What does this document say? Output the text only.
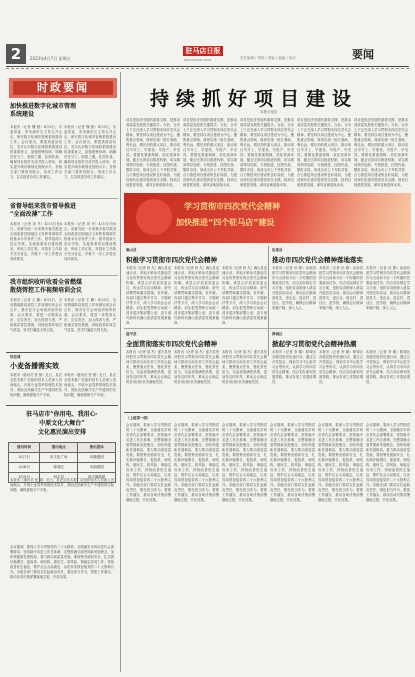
2	2023年4月7日 星期五
驻马店日报
ZHUMADIAN DAILY	责任编辑 / 审校 / 美编 / 邮编 / 电话	要闻
时政要闻
加快推进数字化城市管理
系统建设
本报讯（记者 魏 薇）4月6日，市委常委、常务副市长主持召开会议，研究数字化城市管理系统建设工作。会议指出，要提高政治站位，充分认识数字化城管系统建设的重要意义，加强统筹协调，明确责任分工，倒排工期，挂图作战，确保项目按时完成并投入使用，切实提升城市精细化管理水平。各相关部门要密切配合，形成工作合力，扎实推进各项工作落实。
本报讯（记者 魏 薇）4月6日，市委常委、常务副市长主持召开会议，研究数字化城市管理系统建设工作。会议指出，要提高政治站位，充分认识数字化城管系统建设的重要意义，加强统筹协调，明确责任分工，倒排工期，挂图作战，确保项目按时完成并投入使用，切实提升城市精细化管理水平。各相关部门要密切配合，形成工作合力，扎实推进各项工作落实。
省督导组来我市督导推进
“全面改薄”工作
本报讯（记者 刘 冬）4月5日至6日，省督导组一行来我市督导推进全面改善贫困地区义务教育薄弱学校基本办学条件工作。督导组深入县区学校，实地查看项目建设情况，听取工作汇报，对我市工作给予充分肯定，并就下一步工作提出具体要求。
本报讯（记者 刘 冬）4月5日至6日，省督导组一行来我市督导推进全面改善贫困地区义务教育薄弱学校基本办学条件工作。督导组深入县区学校，实地查看项目建设情况，听取工作汇报，对我市工作给予充分肯定，并就下一步工作提出具体要求。
我市组织收听收看全省燃煤
散烧管控工作视频培训会议
本报讯（记者 王 鹏）4月6日，全省燃煤散烧管控工作视频培训会议召开，我市在分会场组织收听收看。会议要求，要进一步提高认识，压实责任，加大排查力度，严格落实管控措施，持续改善环境空气质量，坚决打赢蓝天保卫战。
本报讯（记者 王 鹏）4月6日，全省燃煤散烧管控工作视频培训会议召开，我市在分会场组织收听收看。会议要求，要进一步提高认识，压实责任，加大排查力度，严格落实管控措施，持续改善环境空气质量，坚决打赢蓝天保卫战。
科技课
小麦备播需实效
本报讯（通讯员 张 强）近日，县农业技术推广站组织技术人员深入田间地头，开展小麦春季管理技术指导，帮助农民解决生产中遇到的实际问题，确保夏粮丰产丰收。
本报讯（通讯员 张 强）近日，县农业技术推广站组织技术人员深入田间地头，开展小麦春季管理技术指导，帮助农民解决生产中遇到的实际问题，确保夏粮丰产丰收。
驻马店市“你用电、我用心·
中原文化大舞台”
文化惠民演出安排
演出时间	演出地点	演出团体
4月7日	市文化广场	市豫剧团
4月8日	驿城区	市曲剧团
4月9日	西平县	西平豫剧团
本报讯（通讯员 张 强）近日，县农业技术推广站组织技术人员深入田间地头，开展小麦春季管理技术指导，帮助农民解决生产中遇到的实际问题，确保夏粮丰产丰收。
持续抓好项目建设
本报评论员
项目是经济发展的重要支撑，是推动高质量发展的关键抓手。当前，全市上下正在深入学习贯彻市四次党代会精神，要坚持以项目建设为中心，聚焦重点领域，谋划实施一批打基础、利长远、增后劲的重大项目，推动项目早开工、早建设、早投产、早见效。要强化要素保障，优化营商环境，健全完善项目推进机制，切实做到领导包联、专班推进、挂图作战、限时办结，形成全市上下齐抓共管、合力推进项目建设的良好局面，为建设现代化强市提供坚实支撑。抓项目就是抓发展，谋项目就是谋未来。
项目是经济发展的重要支撑，是推动高质量发展的关键抓手。当前，全市上下正在深入学习贯彻市四次党代会精神，要坚持以项目建设为中心，聚焦重点领域，谋划实施一批打基础、利长远、增后劲的重大项目，推动项目早开工、早建设、早投产、早见效。要强化要素保障，优化营商环境，健全完善项目推进机制，切实做到领导包联、专班推进、挂图作战、限时办结，形成全市上下齐抓共管、合力推进项目建设的良好局面，为建设现代化强市提供坚实支撑。抓项目就是抓发展，谋项目就是谋未来。
项目是经济发展的重要支撑，是推动高质量发展的关键抓手。当前，全市上下正在深入学习贯彻市四次党代会精神，要坚持以项目建设为中心，聚焦重点领域，谋划实施一批打基础、利长远、增后劲的重大项目，推动项目早开工、早建设、早投产、早见效。要强化要素保障，优化营商环境，健全完善项目推进机制，切实做到领导包联、专班推进、挂图作战、限时办结，形成全市上下齐抓共管、合力推进项目建设的良好局面，为建设现代化强市提供坚实支撑。抓项目就是抓发展，谋项目就是谋未来。
项目是经济发展的重要支撑，是推动高质量发展的关键抓手。当前，全市上下正在深入学习贯彻市四次党代会精神，要坚持以项目建设为中心，聚焦重点领域，谋划实施一批打基础、利长远、增后劲的重大项目，推动项目早开工、早建设、早投产、早见效。要强化要素保障，优化营商环境，健全完善项目推进机制，切实做到领导包联、专班推进、挂图作战、限时办结，形成全市上下齐抓共管、合力推进项目建设的良好局面，为建设现代化强市提供坚实支撑。抓项目就是抓发展，谋项目就是谋未来。
项目是经济发展的重要支撑，是推动高质量发展的关键抓手。当前，全市上下正在深入学习贯彻市四次党代会精神，要坚持以项目建设为中心，聚焦重点领域，谋划实施一批打基础、利长远、增后劲的重大项目，推动项目早开工、早建设、早投产、早见效。要强化要素保障，优化营商环境，健全完善项目推进机制，切实做到领导包联、专班推进、挂图作战、限时办结，形成全市上下齐抓共管、合力推进项目建设的良好局面，为建设现代化强市提供坚实支撑。抓项目就是抓发展，谋项目就是谋未来。
学习贯彻市四次党代会精神
加快推进“四个驻马店”建设
确山县
积极学习贯彻市四次党代会精神
本报讯（记者 杨 光）确山县迅速行动，采取多种形式掀起学习宣传贯彻市四次党代会精神热潮。该县召开县委常委会议，传达学习会议精神，研究部署贯彻落实措施。各乡镇、各部门通过集中学习、专题研讨等方式，深入学习领会会议精神，切实把思想和行动统一到市委决策部署上来，奋力谱写新时代确山高质量发展新篇章。
本报讯（记者 杨 光）确山县迅速行动，采取多种形式掀起学习宣传贯彻市四次党代会精神热潮。该县召开县委常委会议，传达学习会议精神，研究部署贯彻落实措施。各乡镇、各部门通过集中学习、专题研讨等方式，深入学习领会会议精神，切实把思想和行动统一到市委决策部署上来，奋力谱写新时代确山高质量发展新篇章。
本报讯（记者 杨 光）确山县迅速行动，采取多种形式掀起学习宣传贯彻市四次党代会精神热潮。该县召开县委常委会议，传达学习会议精神，研究部署贯彻落实措施。各乡镇、各部门通过集中学习、专题研讨等方式，深入学习领会会议精神，切实把思想和行动统一到市委决策部署上来，奋力谱写新时代确山高质量发展新篇章。
汝南县
推动市四次党代会精神落地落实
本报讯（记者 孙 静）汝南县把学习贯彻市四次党代会精神作为当前和今后一个时期的首要政治任务，结合实际制定学习方案，组织宣讲团深入基层开展宣讲活动，推动会议精神进机关、进企业、进农村、进社区、进学校，确保会议精神家喻户晓、深入人心。
本报讯（记者 孙 静）汝南县把学习贯彻市四次党代会精神作为当前和今后一个时期的首要政治任务，结合实际制定学习方案，组织宣讲团深入基层开展宣讲活动，推动会议精神进机关、进企业、进农村、进社区、进学校，确保会议精神家喻户晓、深入人心。
本报讯（记者 孙 静）汝南县把学习贯彻市四次党代会精神作为当前和今后一个时期的首要政治任务，结合实际制定学习方案，组织宣讲团深入基层开展宣讲活动，推动会议精神进机关、进企业、进农村、进社区、进学校，确保会议精神家喻户晓、深入人心。
遂平县
全面贯彻落实市四次党代会精神
本报讯（记者 周 杰）遂平县坚持把学习贯彻市四次党代会精神与推动当前各项工作结合起来，聚焦重点任务，强化责任担当，以更加饱满的热情、更加务实的作风，推动会议确定的各项目标任务落地见效。
本报讯（记者 周 杰）遂平县坚持把学习贯彻市四次党代会精神与推动当前各项工作结合起来，聚焦重点任务，强化责任担当，以更加饱满的热情、更加务实的作风，推动会议确定的各项目标任务落地见效。
本报讯（记者 周 杰）遂平县坚持把学习贯彻市四次党代会精神与推动当前各项工作结合起来，聚焦重点任务，强化责任担当，以更加饱满的热情、更加务实的作风，推动会议确定的各项目标任务落地见效。
驿城区
掀起学习贯彻党代会精神热潮
本报讯（记者 李 娜）驿城区各级党组织迅速行动，通过召开党组会、理论学习中心组学习会等形式，认真学习市四次党代会精神，结合实际谋划发展思路，推动各项工作提质增效。
本报讯（记者 李 娜）驿城区各级党组织迅速行动，通过召开党组会、理论学习中心组学习会等形式，认真学习市四次党代会精神，结合实际谋划发展思路，推动各项工作提质增效。
本报讯（记者 李 娜）驿城区各级党组织迅速行动，通过召开党组会、理论学习中心组学习会等形式，认真学习市四次党代会精神，结合实际谋划发展思路，推动各项工作提质增效。
（上接第一版）
会议强调，要深入学习贯彻党的二十大精神，全面落实市四次党代会部署要求，坚持稳中求进工作总基调，完整准确全面贯彻新发展理念，加快构建新发展格局，着力推动高质量发展。要统筹发展和安全，扎实做好稳增长、促改革、调结构、惠民生、防风险、保稳定各项工作，持续改善民生福祉，维护社会大局稳定，以优异成绩迎接党的二十大胜利召开。各级各部门要切实扛起政治责任，强化担当作为，狠抓工作落实，推动各项决策部署落地生根、开花结果。
会议强调，要深入学习贯彻党的二十大精神，全面落实市四次党代会部署要求，坚持稳中求进工作总基调，完整准确全面贯彻新发展理念，加快构建新发展格局，着力推动高质量发展。要统筹发展和安全，扎实做好稳增长、促改革、调结构、惠民生、防风险、保稳定各项工作，持续改善民生福祉，维护社会大局稳定，以优异成绩迎接党的二十大胜利召开。各级各部门要切实扛起政治责任，强化担当作为，狠抓工作落实，推动各项决策部署落地生根、开花结果。
会议强调，要深入学习贯彻党的二十大精神，全面落实市四次党代会部署要求，坚持稳中求进工作总基调，完整准确全面贯彻新发展理念，加快构建新发展格局，着力推动高质量发展。要统筹发展和安全，扎实做好稳增长、促改革、调结构、惠民生、防风险、保稳定各项工作，持续改善民生福祉，维护社会大局稳定，以优异成绩迎接党的二十大胜利召开。各级各部门要切实扛起政治责任，强化担当作为，狠抓工作落实，推动各项决策部署落地生根、开花结果。
会议强调，要深入学习贯彻党的二十大精神，全面落实市四次党代会部署要求，坚持稳中求进工作总基调，完整准确全面贯彻新发展理念，加快构建新发展格局，着力推动高质量发展。要统筹发展和安全，扎实做好稳增长、促改革、调结构、惠民生、防风险、保稳定各项工作，持续改善民生福祉，维护社会大局稳定，以优异成绩迎接党的二十大胜利召开。各级各部门要切实扛起政治责任，强化担当作为，狠抓工作落实，推动各项决策部署落地生根、开花结果。
会议强调，要深入学习贯彻党的二十大精神，全面落实市四次党代会部署要求，坚持稳中求进工作总基调，完整准确全面贯彻新发展理念，加快构建新发展格局，着力推动高质量发展。要统筹发展和安全，扎实做好稳增长、促改革、调结构、惠民生、防风险、保稳定各项工作，持续改善民生福祉，维护社会大局稳定，以优异成绩迎接党的二十大胜利召开。各级各部门要切实扛起政治责任，强化担当作为，狠抓工作落实，推动各项决策部署落地生根、开花结果。
会议强调，要深入学习贯彻党的二十大精神，全面落实市四次党代会部署要求，坚持稳中求进工作总基调，完整准确全面贯彻新发展理念，加快构建新发展格局，着力推动高质量发展。要统筹发展和安全，扎实做好稳增长、促改革、调结构、惠民生、防风险、保稳定各项工作，持续改善民生福祉，维护社会大局稳定，以优异成绩迎接党的二十大胜利召开。各级各部门要切实扛起政治责任，强化担当作为，狠抓工作落实，推动各项决策部署落地生根、开花结果。
会议强调，要深入学习贯彻党的二十大精神，全面落实市四次党代会部署要求，坚持稳中求进工作总基调，完整准确全面贯彻新发展理念，加快构建新发展格局，着力推动高质量发展。要统筹发展和安全，扎实做好稳增长、促改革、调结构、惠民生、防风险、保稳定各项工作，持续改善民生福祉，维护社会大局稳定，以优异成绩迎接党的二十大胜利召开。各级各部门要切实扛起政治责任，强化担当作为，狠抓工作落实，推动各项决策部署落地生根、开花结果。
